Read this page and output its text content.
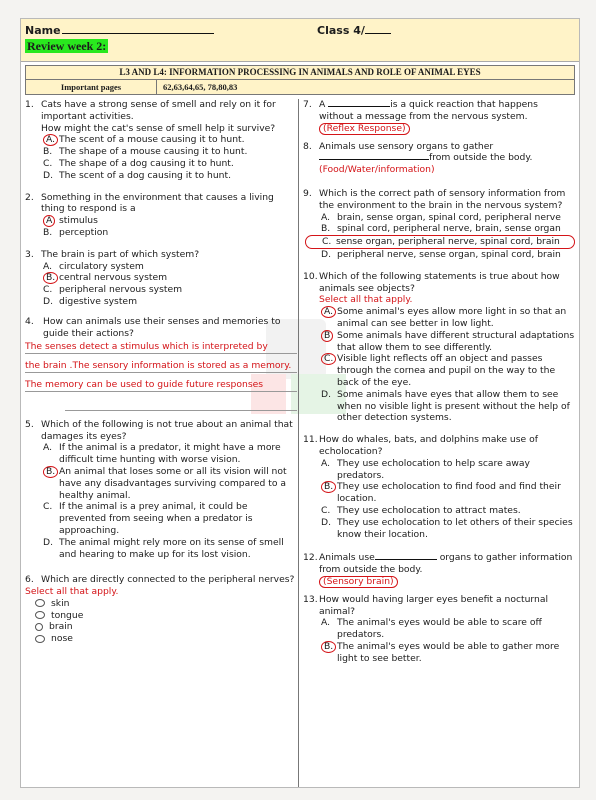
Name	Class 4/
Review week 2:
L3 AND L4: INFORMATION PROCESSING IN ANIMALS AND ROLE OF ANIMAL EYES
Important pages	62,63,64,65, 78,80,83
1. Cats have a strong sense of smell and rely on it for important activities.
How might the cat's sense of smell help it survive?
A. The scent of a mouse causing it to hunt.
B. The shape of a mouse causing it to hunt.
C. The shape of a dog causing it to hunt.
D. The scent of a dog causing it to hunt.
2. Something in the environment that causes a living thing to respond is a
A stimulus
B. perception
3. The brain is part of which system?
A. circulatory system
B. central nervous system
C. peripheral nervous system
D. digestive system
4.	How can animals use their senses and memories to guide their actions?
The senses detect a stimulus which is interpreted by
the brain .The sensory information is stored as a memory.
The memory can be used to guide future responses
5. Which of the following is not true about an animal that damages its eyes?
A. If the animal is a predator, it might have a more difficult time hunting with worse vision.
B. An animal that loses some or all its vision will not have any disadvantages surviving compared to a healthy animal.
C. If the animal is a prey animal, it could be prevented from seeing when a predator is approaching.
D. The animal might rely more on its sense of smell and hearing to make up for its lost vision.
6. Which are directly connected to the peripheral nerves?
Select all that apply.
skin
tongue
brain
nose
7. A	is a quick reaction that happens without a message from the nervous system.
(Reflex Response)
8. Animals use sensory organs to gather
from outside the body.
(Food/Water/information)
9. Which is the correct path of sensory information from the environment to the brain in the nervous system?
A. brain, sense organ, spinal cord, peripheral nerve
B. spinal cord, peripheral nerve, brain, sense organ
C. sense organ, peripheral nerve, spinal cord, brain
D. peripheral nerve, sense organ, spinal cord, brain
10. Which of the following statements is true about how animals see objects?
Select all that apply.
A. Some animal's eyes allow more light in so that an animal can see better in low light.
B Some animals have different structural adaptations that allow them to see differently.
C. Visible light reflects off an object and passes through the cornea and pupil on the way to the back of the eye.
D. Some animals have eyes that allow them to see when no visible light is present without the help of other detection systems.
11. How do whales, bats, and dolphins make use of echolocation?
A. They use echolocation to help scare away predators.
B. They use echolocation to find food and find their location.
C. They use echolocation to attract mates.
D. They use echolocation to let others of their species know their location.
12. Animals use	organs to gather information from outside the body.
(Sensory brain)
13. How would having larger eyes benefit a nocturnal animal?
A. The animal's eyes would be able to scare off predators.
B. The animal's eyes would be able to gather more light to see better.
